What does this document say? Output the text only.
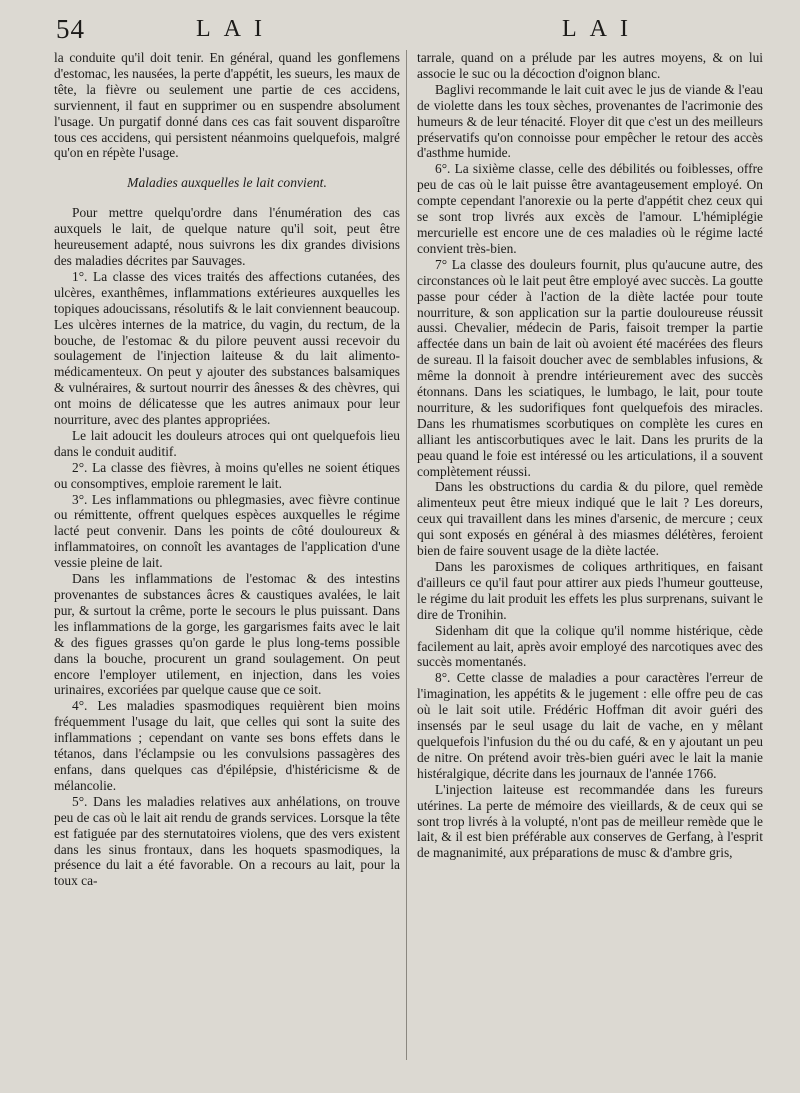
54	LAI	LAI

la conduite qu'il doit tenir. En général, quand les gonflemens d'estomac, les nausées, la perte d'appétit, les sueurs, les maux de tête, la fièvre ou seulement une partie de ces accidens, surviennent, il faut en supprimer ou en suspendre absolument l'usage. Un purgatif donné dans ces cas fait souvent disparoître tous ces accidens, qui persistent néanmoins quelquefois, malgré qu'on en répète l'usage.

Maladies auxquelles le lait convient.

Pour mettre quelqu'ordre dans l'énumération des cas auxquels le lait, de quelque nature qu'il soit, peut être heureusement adapté, nous suivrons les dix grandes divisions des maladies décrites par Sauvages.

1°. La classe des vices traités des affections cutanées, des ulcères, exanthêmes, inflammations extérieures auxquelles les topiques adoucissans, résolutifs & le lait conviennent beaucoup. Les ulcères internes de la matrice, du vagin, du rectum, de la bouche, de l'estomac & du pilore peuvent aussi recevoir du soulagement de l'injection laiteuse & du lait alimento-médicamenteux. On peut y ajouter des substances balsamiques & vulnéraires, & surtout nourrir des ânesses & des chèvres, qui ont moins de délicatesse que les autres animaux pour leur nourriture, avec des plantes appropriées.

Le lait adoucit les douleurs atroces qui ont quelquefois lieu dans le conduit auditif.

2°. La classe des fièvres, à moins qu'elles ne soient étiques ou consomptives, emploie rarement le lait.

3°. Les inflammations ou phlegmasies, avec fièvre continue ou rémittente, offrent quelques espèces auxquelles le régime lacté peut convenir. Dans les points de côté douloureux & inflammatoires, on connoît les avantages de l'application d'une vessie pleine de lait.

Dans les inflammations de l'estomac & des intestins provenantes de substances âcres & caustiques avalées, le lait pur, & surtout la crême, porte le secours le plus puissant. Dans les inflammations de la gorge, les gargarismes faits avec le lait & des figues grasses qu'on garde le plus long-tems possible dans la bouche, procurent un grand soulagement. On peut encore l'employer utilement, en injection, dans les voies urinaires, excoriées par quelque cause que ce soit.

4°. Les maladies spasmodiques requièrent bien moins fréquemment l'usage du lait, que celles qui sont la suite des inflammations ; cependant on vante ses bons effets dans le tétanos, dans l'éclampsie ou les convulsions passagères des enfans, dans quelques cas d'épilépsie, d'histéricisme & de mélancolie.

5°. Dans les maladies relatives aux anhélations, on trouve peu de cas où le lait ait rendu de grands services. Lorsque la tête est fatiguée par des sternutatoires violens, que des vers existent dans les sinus frontaux, dans les hoquets spasmodiques, la présence du lait a été favorable. On a recours au lait, pour la toux ca-

tarrale, quand on a prélude par les autres moyens, & on lui associe le suc ou la décoction d'oignon blanc.

Baglivi recommande le lait cuit avec le jus de viande & l'eau de violette dans les toux sèches, provenantes de l'acrimonie des humeurs & de leur ténacité. Floyer dit que c'est un des meilleurs préservatifs qu'on connoisse pour empêcher le retour des accès d'asthme humide.

6°. La sixième classe, celle des débilités ou foiblesses, offre peu de cas où le lait puisse être avantageusement employé. On compte cependant l'anorexie ou la perte d'appétit chez ceux qui se sont trop livrés aux excès de l'amour. L'hémiplégie mercurielle est encore une de ces maladies où le régime lacté convient très-bien.

7° La classe des douleurs fournit, plus qu'aucune autre, des circonstances où le lait peut être employé avec succès. La goutte passe pour céder à l'action de la diète lactée pour toute nourriture, & son application sur la partie douloureuse réussit aussi. Chevalier, médecin de Paris, faisoit tremper la partie affectée dans un bain de lait où avoient été macérées des fleurs de sureau. Il la faisoit doucher avec de semblables infusions, & même la donnoit à prendre intérieurement avec des succès étonnans. Dans les sciatiques, le lumbago, le lait, pour toute nourriture, & les sudorifiques font quelquefois des miracles. Dans les rhumatismes scorbutiques on complète les cures en alliant les antiscorbutiques avec le lait. Dans les prurits de la peau quand le foie est intéressé ou les articulations, il a souvent complètement réussi.

Dans les obstructions du cardia & du pilore, quel remède alimenteux peut être mieux indiqué que le lait ? Les doreurs, ceux qui travaillent dans les mines d'arsenic, de mercure ; ceux qui sont exposés en général à des miasmes délétères, feroient bien de faire souvent usage de la diète lactée.

Dans les paroxismes de coliques arthritiques, en faisant d'ailleurs ce qu'il faut pour attirer aux pieds l'humeur goutteuse, le régime du lait produit les effets les plus surprenans, suivant le dire de Tronihin.

Sidenham dit que la colique qu'il nomme histérique, cède facilement au lait, après avoir employé des narcotiques avec des succès momentanés.

8°. Cette classe de maladies a pour caractères l'erreur de l'imagination, les appétits & le jugement : elle offre peu de cas où le lait soit utile. Frédéric Hoffman dit avoir guéri des insensés par le seul usage du lait de vache, en y mêlant quelquefois l'infusion du thé ou du café, & en y ajoutant un peu de nitre. On prétend avoir très-bien guéri avec le lait la manie histéralgique, décrite dans les journaux de l'année 1766.

L'injection laiteuse est recommandée dans les fureurs utérines. La perte de mémoire des vieillards, & de ceux qui se sont trop livrés à la volupté, n'ont pas de meilleur remède que le lait, & il est bien préférable aux conserves de Gerfang, à l'esprit de magnanimité, aux préparations de musc & d'ambre gris,
